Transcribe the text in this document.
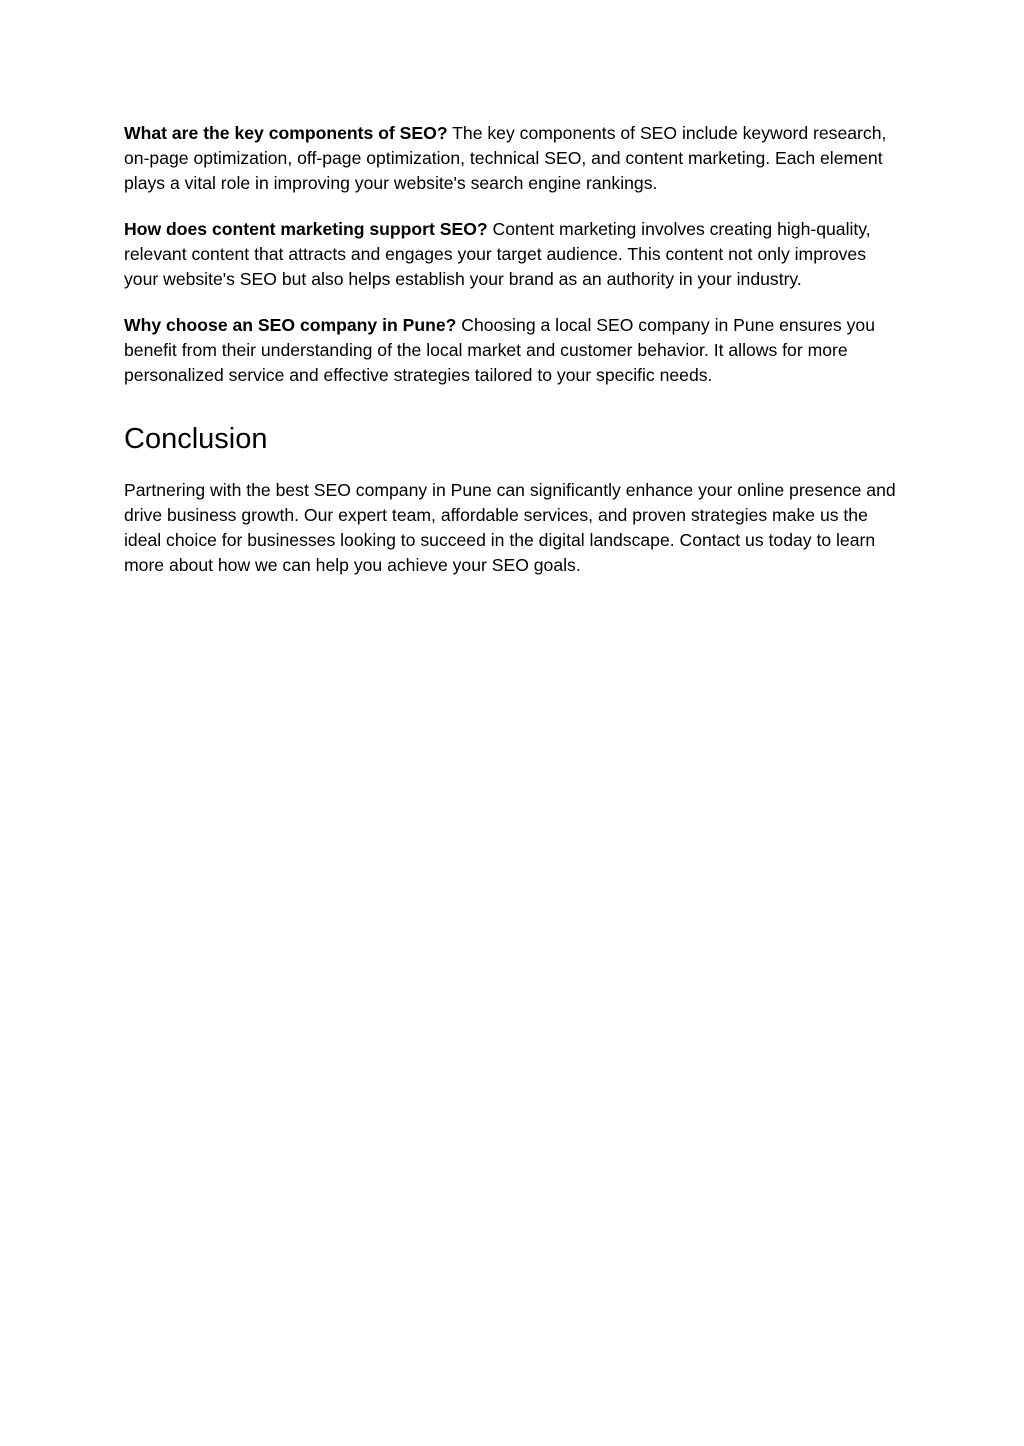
What are the key components of SEO? The key components of SEO include keyword research, on-page optimization, off-page optimization, technical SEO, and content marketing. Each element plays a vital role in improving your website's search engine rankings.

How does content marketing support SEO? Content marketing involves creating high-quality, relevant content that attracts and engages your target audience. This content not only improves your website's SEO but also helps establish your brand as an authority in your industry.

Why choose an SEO company in Pune? Choosing a local SEO company in Pune ensures you benefit from their understanding of the local market and customer behavior. It allows for more personalized service and effective strategies tailored to your specific needs.

Conclusion

Partnering with the best SEO company in Pune can significantly enhance your online presence and drive business growth. Our expert team, affordable services, and proven strategies make us the ideal choice for businesses looking to succeed in the digital landscape. Contact us today to learn more about how we can help you achieve your SEO goals.
